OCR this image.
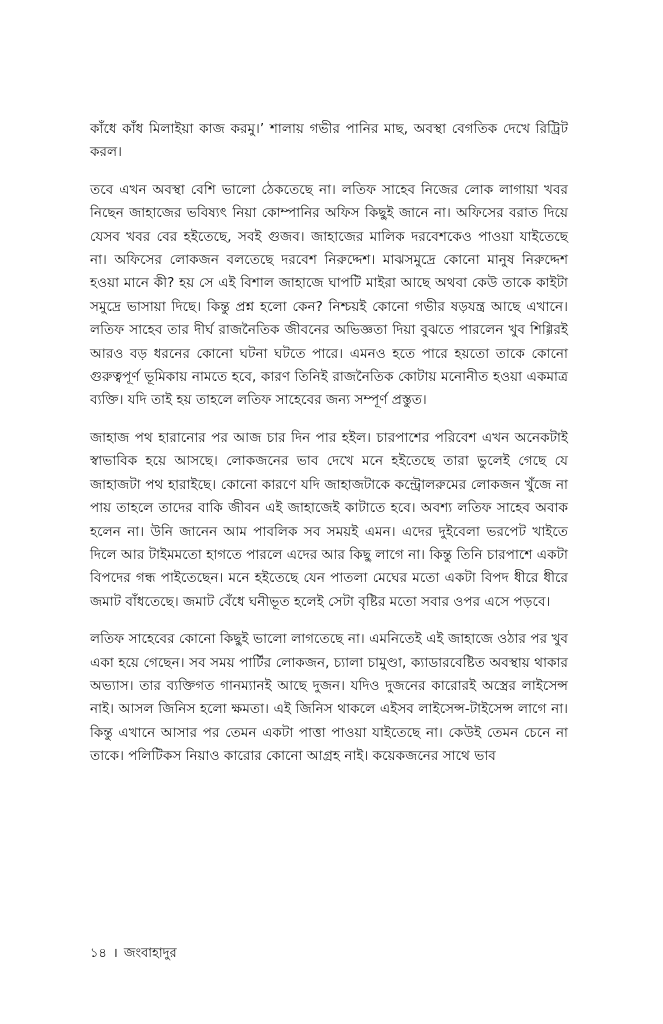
কাঁধে কাঁধ মিলাইয়া কাজ করমু।’ শালায় গভীর পানির মাছ, অবস্থা বেগতিক দেখে রিট্রিট করল।

তবে এখন অবস্থা বেশি ভালো ঠেকতেছে না। লতিফ সাহেব নিজের লোক লাগায়া খবর নিছেন জাহাজের ভবিষ্যৎ নিয়া কোম্পানির অফিস কিছুই জানে না। অফিসের বরাত দিয়ে যেসব খবর বের হইতেছে, সবই গুজব। জাহাজের মালিক দরবেশকেও পাওয়া যাইতেছে না। অফিসের লোকজন বলতেছে দরবেশ নিরুদ্দেশ। মাঝসমুদ্রে কোনো মানুষ নিরুদ্দেশ হওয়া মানে কী? হয় সে এই বিশাল জাহাজে ঘাপটি মাইরা আছে অথবা কেউ তাকে কাইটা সমুদ্রে ভাসায়া দিছে। কিন্তু প্রশ্ন হলো কেন? নিশ্চয়ই কোনো গভীর ষড়যন্ত্র আছে এখানে। লতিফ সাহেব তার দীর্ঘ রাজনৈতিক জীবনের অভিজ্ঞতা দিয়া বুঝতে পারলেন খুব শিগ্গিরই আরও বড় ধরনের কোনো ঘটনা ঘটতে পারে। এমনও হতে পারে হয়তো তাকে কোনো গুরুত্বপূর্ণ ভূমিকায় নামতে হবে, কারণ তিনিই রাজনৈতিক কোটায় মনোনীত হওয়া একমাত্র ব্যক্তি। যদি তাই হয় তাহলে লতিফ সাহেবের জন্য সম্পূর্ণ প্রস্তুত।

জাহাজ পথ হারানোর পর আজ চার দিন পার হইল। চারপাশের পরিবেশ এখন অনেকটাই স্বাভাবিক হয়ে আসছে। লোকজনের ভাব দেখে মনে হইতেছে তারা ভুলেই গেছে যে জাহাজটা পথ হারাইছে। কোনো কারণে যদি জাহাজটাকে কন্ট্রোলরুমের লোকজন খুঁজে না পায় তাহলে তাদের বাকি জীবন এই জাহাজেই কাটাতে হবে। অবশ্য লতিফ সাহেব অবাক হলেন না। উনি জানেন আম পাবলিক সব সময়ই এমন। এদের দুইবেলা ভরপেট খাইতে দিলে আর টাইমমতো হাগতে পারলে এদের আর কিছু লাগে না। কিন্তু তিনি চারপাশে একটা বিপদের গন্ধ পাইতেছেন। মনে হইতেছে যেন পাতলা মেঘের মতো একটা বিপদ ধীরে ধীরে জমাট বাঁধতেছে। জমাট বেঁধে ঘনীভূত হলেই সেটা বৃষ্টির মতো সবার ওপর এসে পড়বে।

লতিফ সাহেবের কোনো কিছুই ভালো লাগতেছে না। এমনিতেই এই জাহাজে ওঠার পর খুব একা হয়ে গেছেন। সব সময় পার্টির লোকজন, চ্যালা চামুণ্ডা, ক্যাডারবেষ্টিত অবস্থায় থাকার অভ্যাস। তার ব্যক্তিগত গানম্যানই আছে দুজন। যদিও দুজনের কারোরই অস্ত্রের লাইসেন্স নাই। আসল জিনিস হলো ক্ষমতা। এই জিনিস থাকলে এইসব লাইসেন্স-টাইসেন্স লাগে না। কিন্তু এখানে আসার পর তেমন একটা পাত্তা পাওয়া যাইতেছে না। কেউই তেমন চেনে না তাকে। পলিটিকস নিয়াও কারোর কোনো আগ্রহ নাই। কয়েকজনের সাথে ভাব

১৪ । জংবাহাদুর
